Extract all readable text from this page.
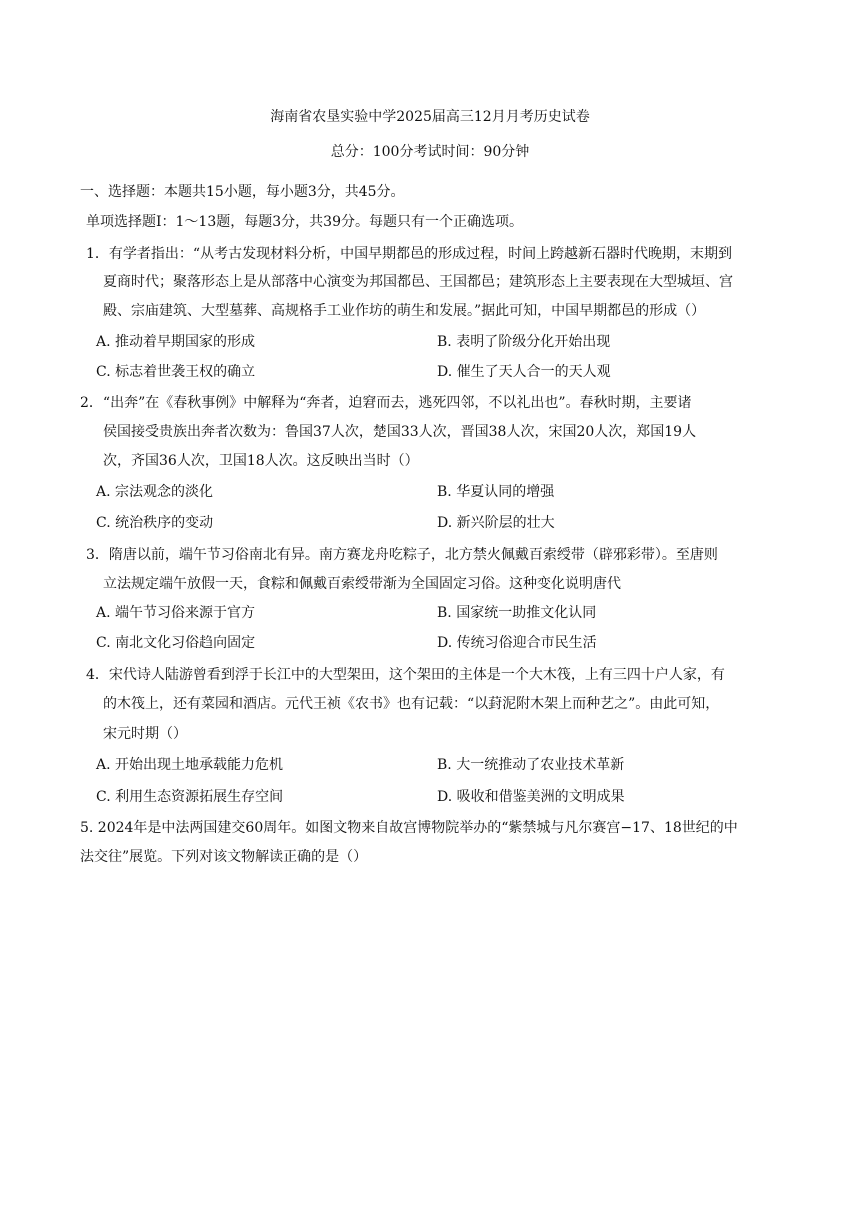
海南省农垦实验中学2025届高三12月月考历史试卷
总分：100分考试时间：90分钟
一、选择题：本题共15小题，每小题3分，共45分。
单项选择题I：1～13题，每题3分，共39分。每题只有一个正确选项。
1．有学者指出：“从考古发现材料分析，中国早期都邑的形成过程，时间上跨越新石器时代晚期，末期到
夏商时代；聚落形态上是从部落中心演变为邦国都邑、王国都邑；建筑形态上主要表现在大型城垣、宫
殿、宗庙建筑、大型墓葬、高规格手工业作坊的萌生和发展。”据此可知，中国早期都邑的形成（）
A. 推动着早期国家的形成	B. 表明了阶级分化开始出现
C. 标志着世袭王权的确立	D. 催生了天人合一的天人观
2．“出奔”在《春秋事例》中解释为“奔者，迫窘而去，逃死四邻，不以礼出也”。春秋时期，主要诸
侯国接受贵族出奔者次数为：鲁国37人次，楚国33人次，晋国38人次，宋国20人次，郑国19人
次，齐国36人次，卫国18人次。这反映出当时（）
A. 宗法观念的淡化	B. 华夏认同的增强
C. 统治秩序的变动	D. 新兴阶层的壮大
3．隋唐以前，端午节习俗南北有异。南方赛龙舟吃粽子，北方禁火佩戴百索绶带（辟邪彩带）。至唐则
立法规定端午放假一天，食粽和佩戴百索绶带渐为全国固定习俗。这种变化说明唐代
A. 端午节习俗来源于官方	B. 国家统一助推文化认同
C. 南北文化习俗趋向固定	D. 传统习俗迎合市民生活
4．宋代诗人陆游曾看到浮于长江中的大型架田，这个架田的主体是一个大木筏，上有三四十户人家，有
的木筏上，还有菜园和酒店。元代王祯《农书》也有记载：“以葑泥附木架上而种艺之”。由此可知，
宋元时期（）
A. 开始出现土地承载能力危机	B. 大一统推动了农业技术革新
C. 利用生态资源拓展生存空间	D. 吸收和借鉴美洲的文明成果
5. 2024年是中法两国建交60周年。如图文物来自故宫博物院举办的“紫禁城与凡尔赛宫−17、18世纪的中
法交往”展览。下列对该文物解读正确的是（）
